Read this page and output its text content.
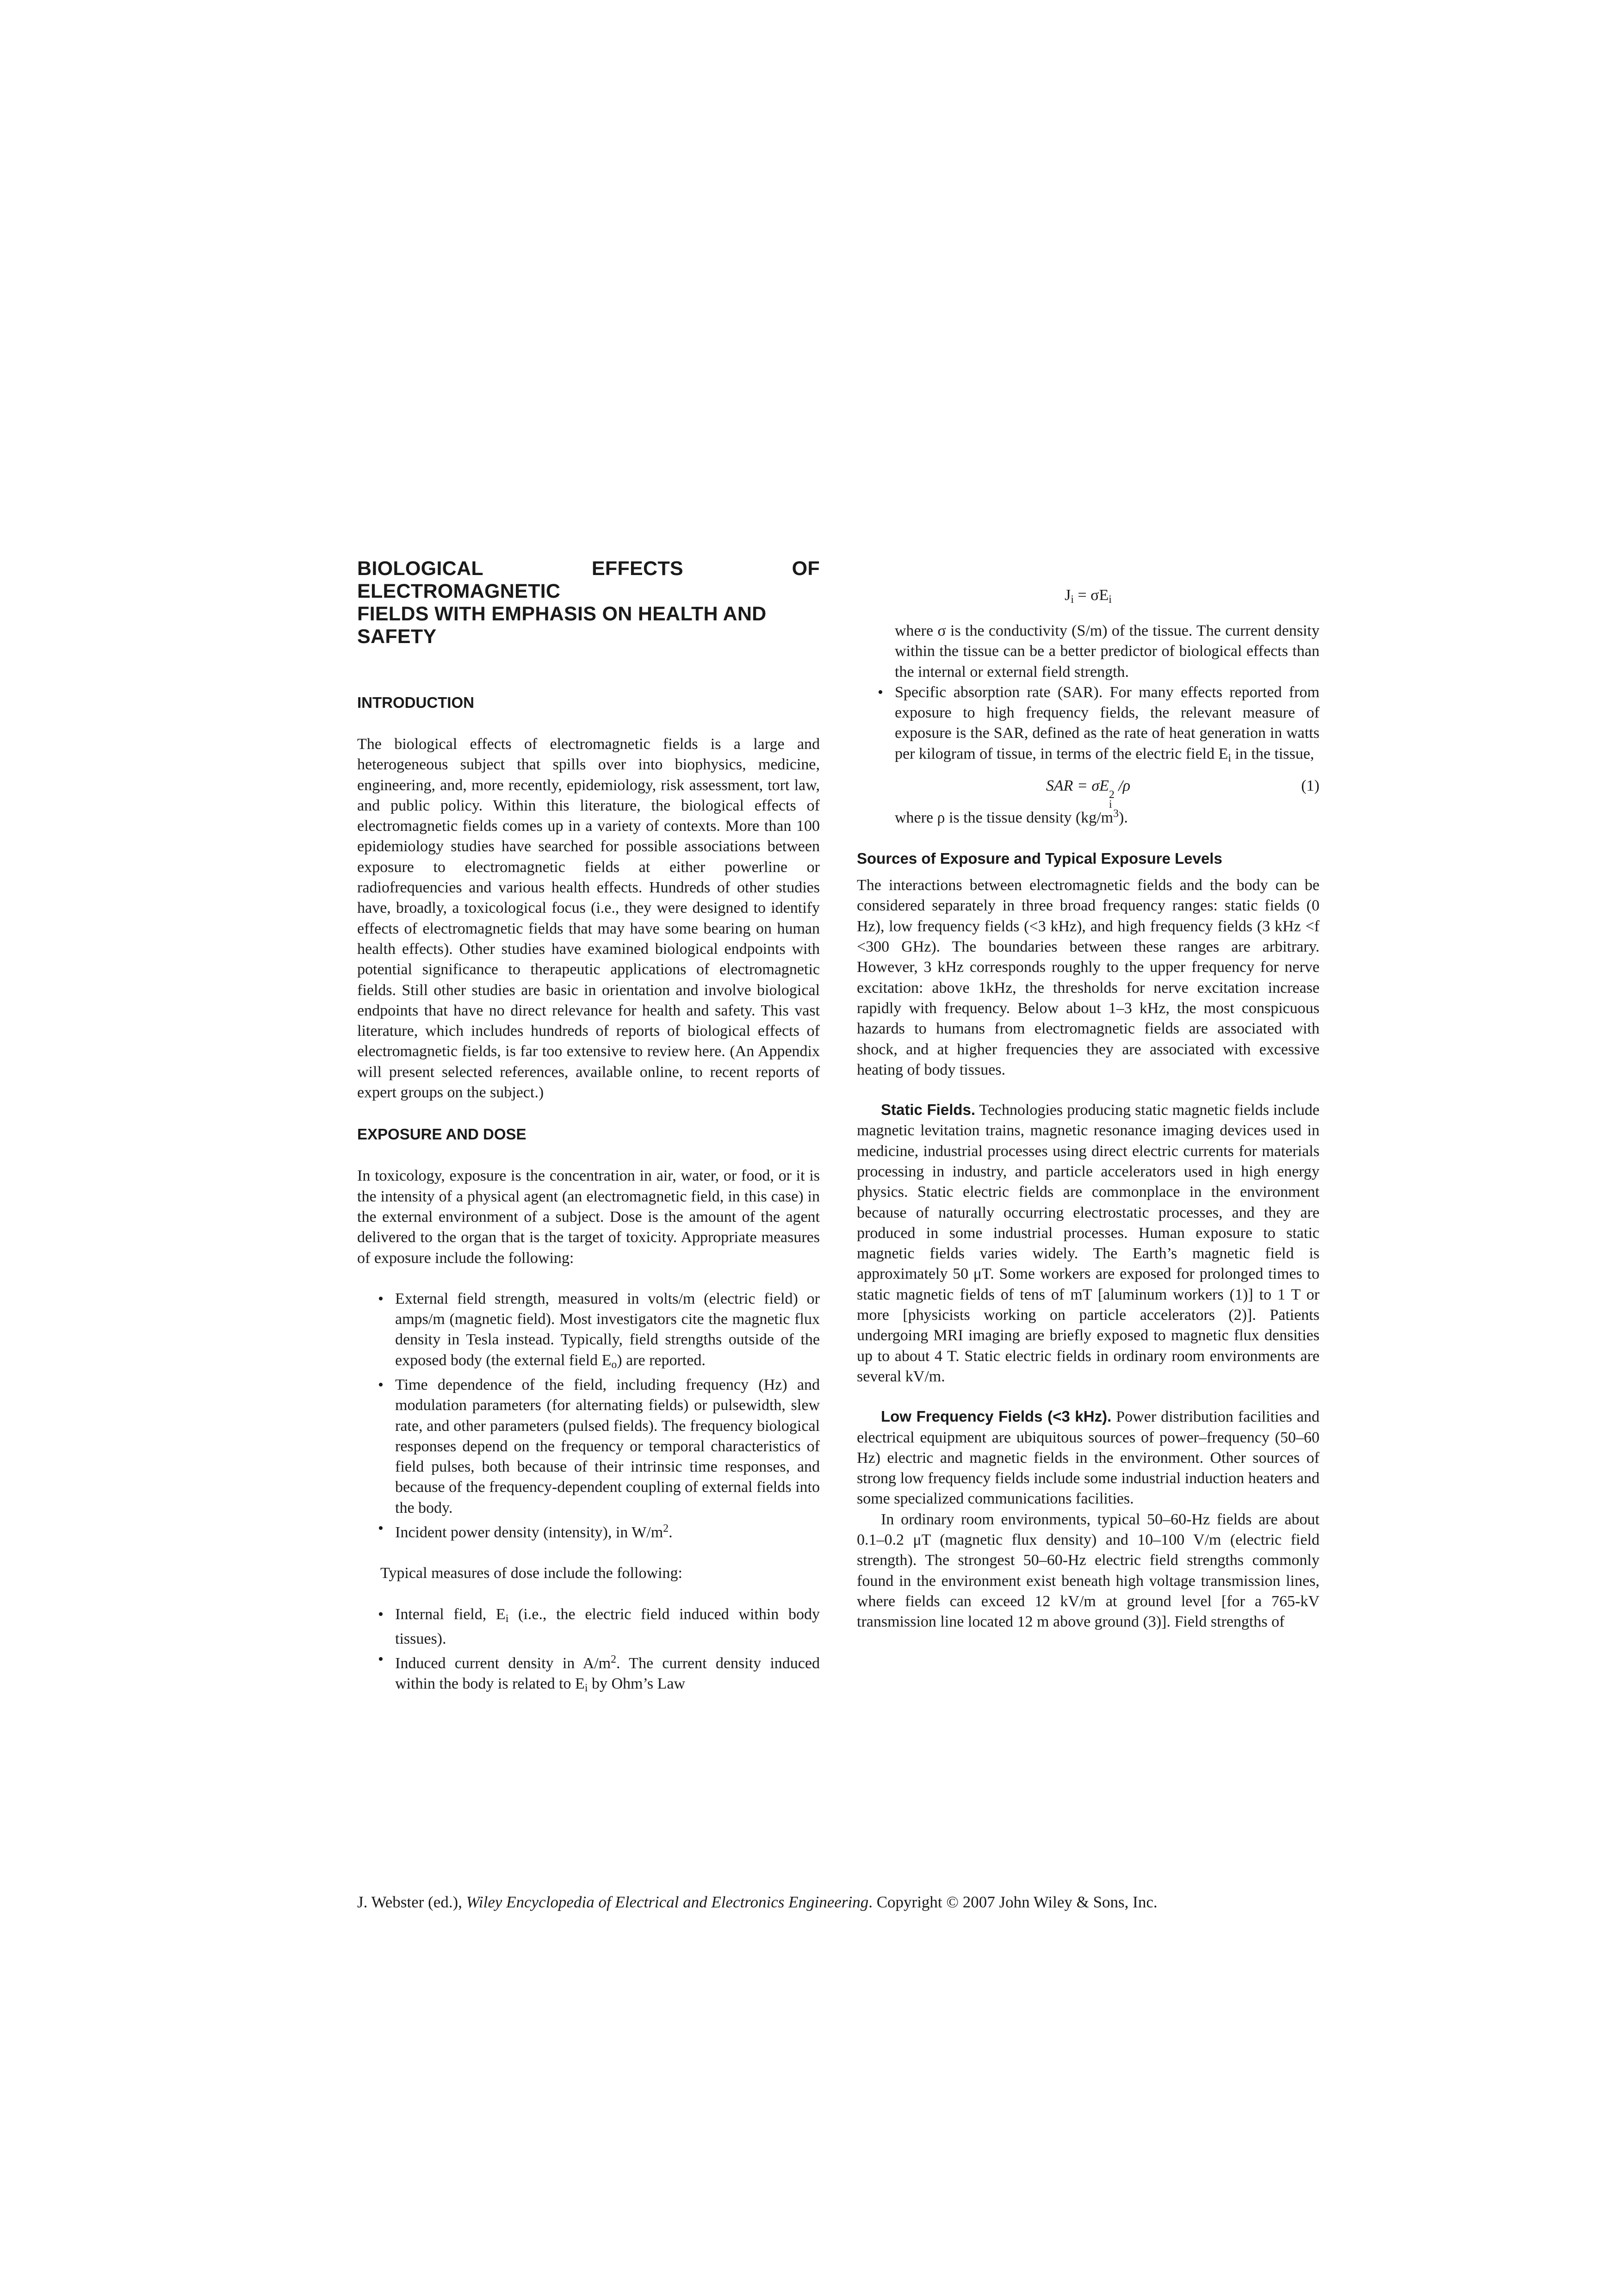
BIOLOGICAL EFFECTS OF ELECTROMAGNETIC
FIELDS WITH EMPHASIS ON HEALTH AND
SAFETY
INTRODUCTION

The biological effects of electromagnetic fields is a large and heterogeneous subject that spills over into biophysics, medicine, engineering, and, more recently, epidemiology, risk assessment, tort law, and public policy. Within this literature, the biological effects of electromagnetic fields comes up in a variety of contexts. More than 100 epidemiology studies have searched for possible associations between exposure to electromagnetic fields at either powerline or radiofrequencies and various health effects. Hundreds of other studies have, broadly, a toxicological focus (i.e., they were designed to identify effects of electromagnetic fields that may have some bearing on human health effects). Other studies have examined biological endpoints with potential significance to therapeutic applications of electromagnetic fields. Still other studies are basic in orientation and involve biological endpoints that have no direct relevance for health and safety. This vast literature, which includes hundreds of reports of biological effects of electromagnetic fields, is far too extensive to review here. (An Appendix will present selected references, available online, to recent reports of expert groups on the subject.)

EXPOSURE AND DOSE

In toxicology, exposure is the concentration in air, water, or food, or it is the intensity of a physical agent (an electromagnetic field, in this case) in the external environment of a subject. Dose is the amount of the agent delivered to the organ that is the target of toxicity. Appropriate measures of exposure include the following:

• External field strength, measured in volts/m (electric field) or amps/m (magnetic field). Most investigators cite the magnetic flux density in Tesla instead. Typically, field strengths outside of the exposed body (the external field $E_o$) are reported.
• Time dependence of the field, including frequency (Hz) and modulation parameters (for alternating fields) or pulsewidth, slew rate, and other parameters (pulsed fields). The frequency biological responses depend on the frequency or temporal characteristics of field pulses, both because of their intrinsic time responses, and because of the frequency-dependent coupling of external fields into the body.
• Incident power density (intensity), in $W/m^2$.

Typical measures of dose include the following:

• Internal field, $E_i$ (i.e., the electric field induced within body tissues).
• Induced current density in $A/m^2$. The current density induced within the body is related to $E_i$ by Ohm’s Law
$J_i = \sigma E_i$

where σ is the conductivity (S/m) of the tissue. The current density within the tissue can be a better predictor of biological effects than the internal or external field strength.

• Specific absorption rate (SAR). For many effects reported from exposure to high frequency fields, the relevant measure of exposure is the SAR, defined as the rate of heat generation in watts per kilogram of tissue, in terms of the electric field $E_i$ in the tissue,
SAR = σE
2
i
/ρ	(1)

where ρ is the tissue density $(kg/m^3)$.

Sources of Exposure and Typical Exposure Levels

The interactions between electromagnetic fields and the body can be considered separately in three broad frequency ranges: static fields (0 Hz), low frequency fields (<3 kHz), and high frequency fields (3 kHz <f <300 GHz). The boundaries between these ranges are arbitrary. However, 3 kHz corresponds roughly to the upper frequency for nerve excitation: above 1kHz, the thresholds for nerve excitation increase rapidly with frequency. Below about 1–3 kHz, the most conspicuous hazards to humans from electromagnetic fields are associated with shock, and at higher frequencies they are associated with excessive heating of body tissues.

Static Fields. Technologies producing static magnetic fields include magnetic levitation trains, magnetic resonance imaging devices used in medicine, industrial processes using direct electric currents for materials processing in industry, and particle accelerators used in high energy physics. Static electric fields are commonplace in the environment because of naturally occurring electrostatic processes, and they are produced in some industrial processes. Human exposure to static magnetic fields varies widely. The Earth’s magnetic field is approximately 50 μT. Some workers are exposed for prolonged times to static magnetic fields of tens of mT [aluminum workers (1)] to 1 T or more [physicists working on particle accelerators (2)]. Patients undergoing MRI imaging are briefly exposed to magnetic flux densities up to about 4 T. Static electric fields in ordinary room environments are several kV/m.

Low Frequency Fields (<3 kHz). Power distribution facilities and electrical equipment are ubiquitous sources of power–frequency (50–60 Hz) electric and magnetic fields in the environment. Other sources of strong low frequency fields include some industrial induction heaters and some specialized communications facilities.

In ordinary room environments, typical 50–60-Hz fields are about 0.1–0.2 μT (magnetic flux density) and 10–100 V/m (electric field strength). The strongest 50–60-Hz electric field strengths commonly found in the environment exist beneath high voltage transmission lines, where fields can exceed 12 kV/m at ground level [for a 765-kV transmission line located 12 m above ground (3)]. Field strengths of

J. Webster (ed.), Wiley Encyclopedia of Electrical and Electronics Engineering. Copyright © 2007 John Wiley & Sons, Inc.
